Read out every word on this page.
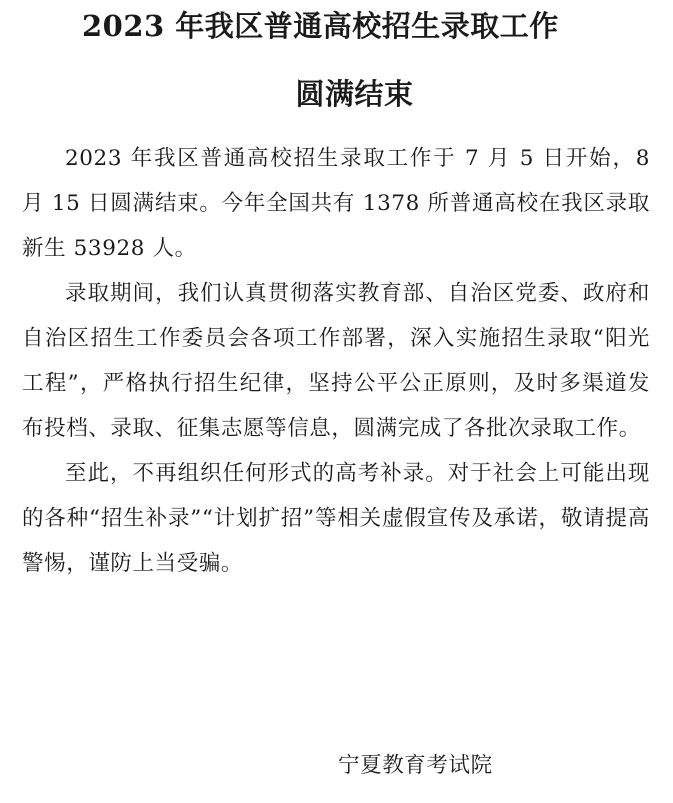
2023 年我区普通高校招生录取工作
圆满结束

2023 年我区普通高校招生录取工作于 7 月 5 日开始，8 月 15 日圆满结束。今年全国共有 1378 所普通高校在我区录取新生 53928 人。

录取期间，我们认真贯彻落实教育部、自治区党委、政府和自治区招生工作委员会各项工作部署，深入实施招生录取“阳光工程”，严格执行招生纪律，坚持公平公正原则，及时多渠道发布投档、录取、征集志愿等信息，圆满完成了各批次录取工作。

至此，不再组织任何形式的高考补录。对于社会上可能出现的各种“招生补录”“计划扩招”等相关虚假宣传及承诺，敬请提高警惕，谨防上当受骗。

宁夏教育考试院
